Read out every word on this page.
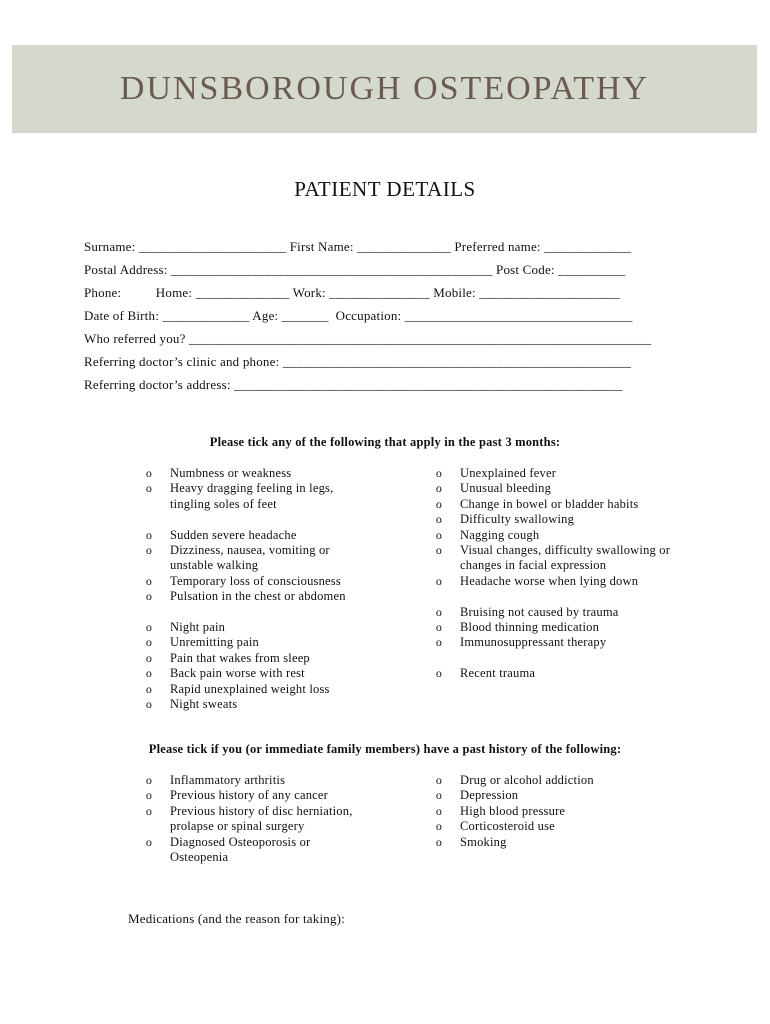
DUNSBOROUGH OSTEOPATHY
PATIENT DETAILS
Surname: ______________________ First Name: ______________ Preferred name: _____________
Postal Address: ________________________________________________ Post Code: __________
Phone:          Home: ______________ Work: _______________ Mobile: _____________________
Date of Birth: _____________ Age: _______  Occupation: __________________________________
Who referred you? _____________________________________________________________________
Referring doctor’s clinic and phone: ____________________________________________________
Referring doctor’s address: __________________________________________________________
Please tick any of the following that apply in the past 3 months:
o	Numbness or weakness
o	Heavy dragging feeling in legs, tingling soles of feet
o	Sudden severe headache
o	Dizziness, nausea, vomiting or unstable walking
o	Temporary loss of consciousness
o	Pulsation in the chest or abdomen
o	Night pain
o	Unremitting pain
o	Pain that wakes from sleep
o	Back pain worse with rest
o	Rapid unexplained weight loss
o	Night sweats
o	Unexplained fever
o	Unusual bleeding
o	Change in bowel or bladder habits
o	Difficulty swallowing
o	Nagging cough
o	Visual changes, difficulty swallowing or changes in facial expression
o	Headache worse when lying down
o	Bruising not caused by trauma
o	Blood thinning medication
o	Immunosuppressant therapy
o	Recent trauma
Please tick if you (or immediate family members) have a past history of the following:
o	Inflammatory arthritis
o	Previous history of any cancer
o	Previous history of disc herniation, prolapse or spinal surgery
o	Diagnosed Osteoporosis or Osteopenia
o	Drug or alcohol addiction
o	Depression
o	High blood pressure
o	Corticosteroid use
o	Smoking
Medications (and the reason for taking):
